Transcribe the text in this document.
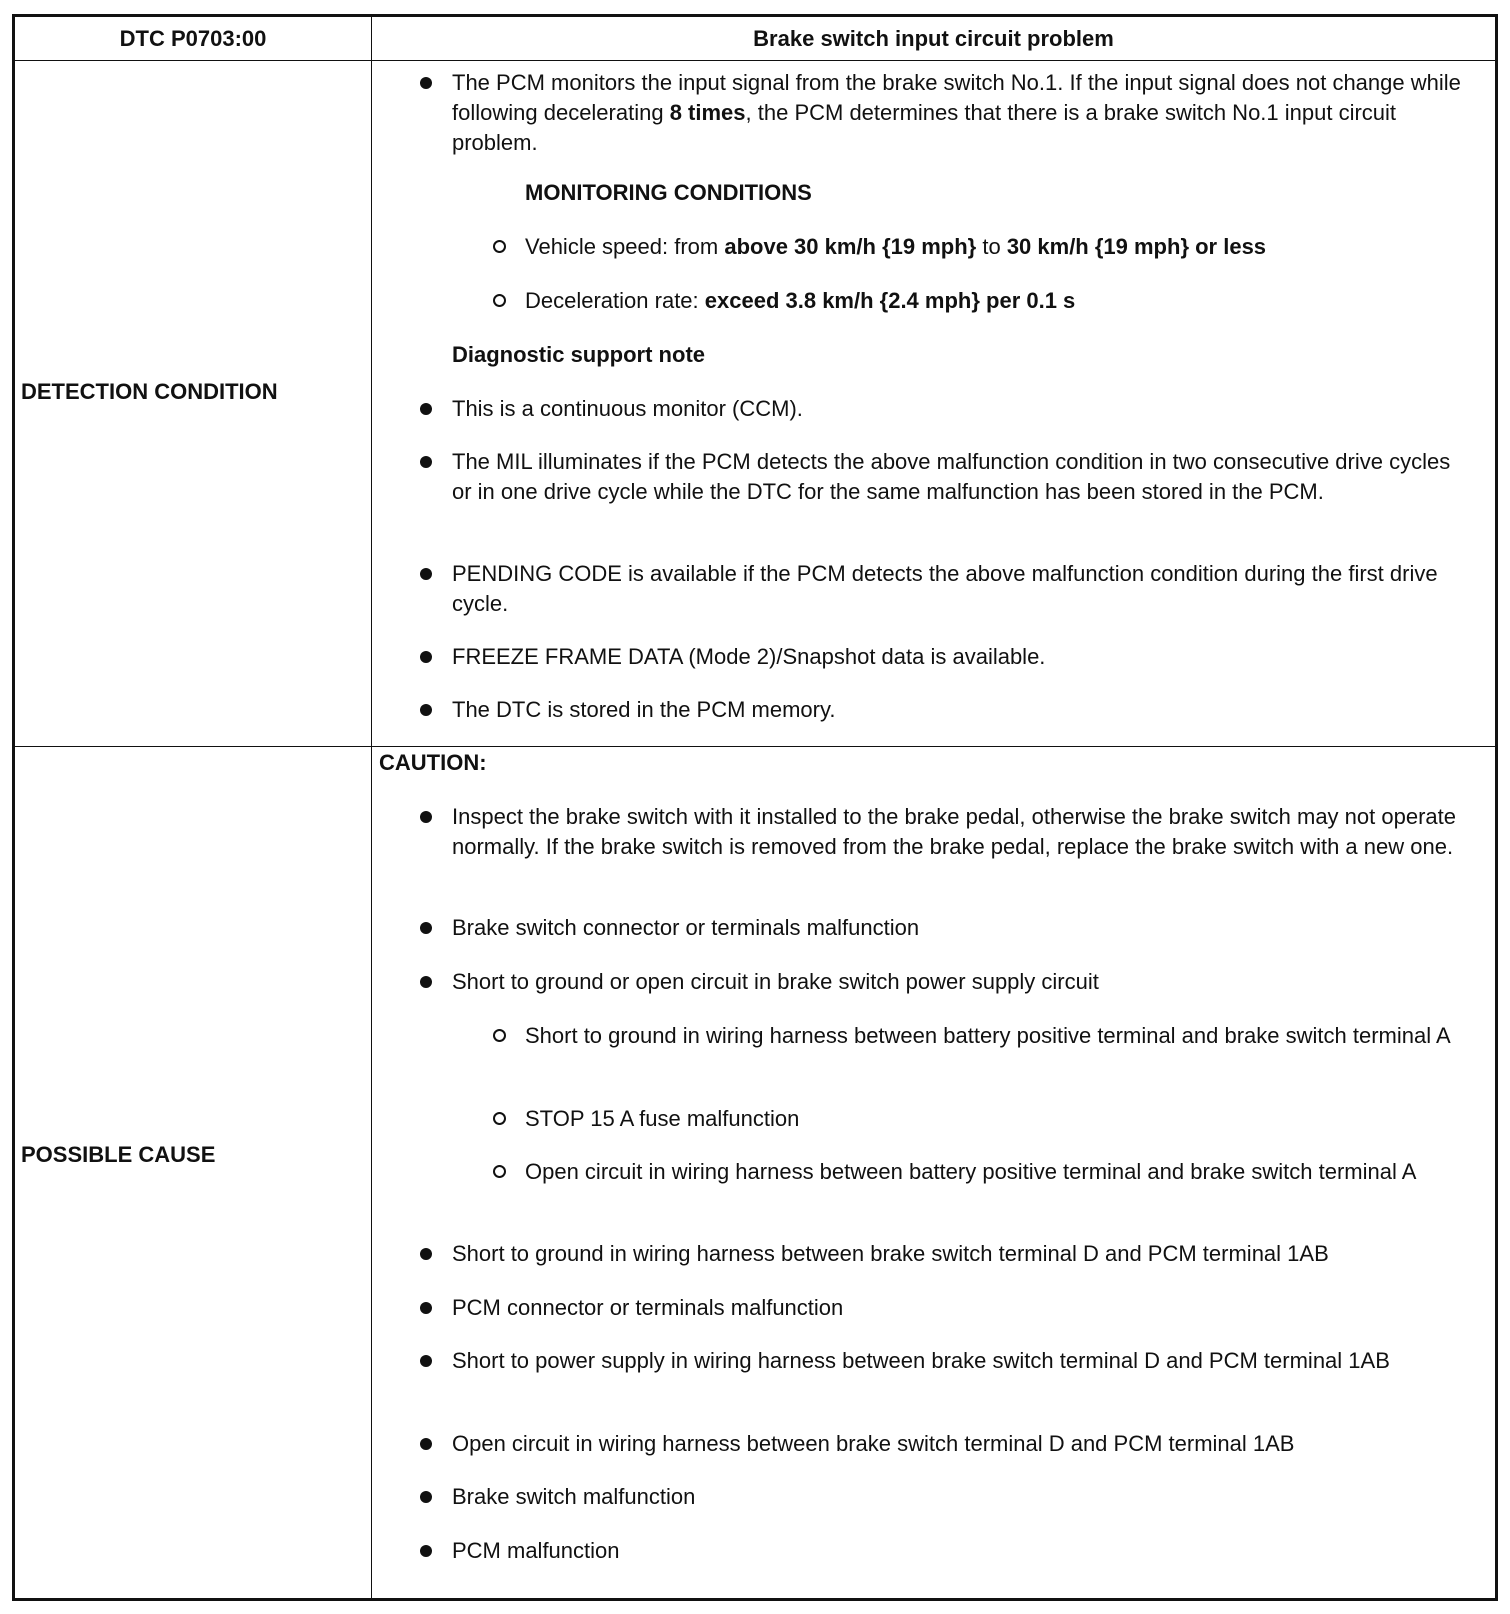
DTC P0703:00	Brake switch input circuit problem
DETECTION CONDITION
The PCM monitors the input signal from the brake switch No.1. If the input signal does not change while following decelerating 8 times, the PCM determines that there is a brake switch No.1 input circuit problem.
MONITORING CONDITIONS
Vehicle speed: from above 30 km/h {19 mph} to 30 km/h {19 mph} or less
Deceleration rate: exceed 3.8 km/h {2.4 mph} per 0.1 s
Diagnostic support note
This is a continuous monitor (CCM).
The MIL illuminates if the PCM detects the above malfunction condition in two consecutive drive cycles or in one drive cycle while the DTC for the same malfunction has been stored in the PCM.
PENDING CODE is available if the PCM detects the above malfunction condition during the first drive cycle.
FREEZE FRAME DATA (Mode 2)/Snapshot data is available.
The DTC is stored in the PCM memory.
POSSIBLE CAUSE
CAUTION:
Inspect the brake switch with it installed to the brake pedal, otherwise the brake switch may not operate normally. If the brake switch is removed from the brake pedal, replace the brake switch with a new one.
Brake switch connector or terminals malfunction
Short to ground or open circuit in brake switch power supply circuit
Short to ground in wiring harness between battery positive terminal and brake switch terminal A
STOP 15 A fuse malfunction
Open circuit in wiring harness between battery positive terminal and brake switch terminal A
Short to ground in wiring harness between brake switch terminal D and PCM terminal 1AB
PCM connector or terminals malfunction
Short to power supply in wiring harness between brake switch terminal D and PCM terminal 1AB
Open circuit in wiring harness between brake switch terminal D and PCM terminal 1AB
Brake switch malfunction
PCM malfunction
